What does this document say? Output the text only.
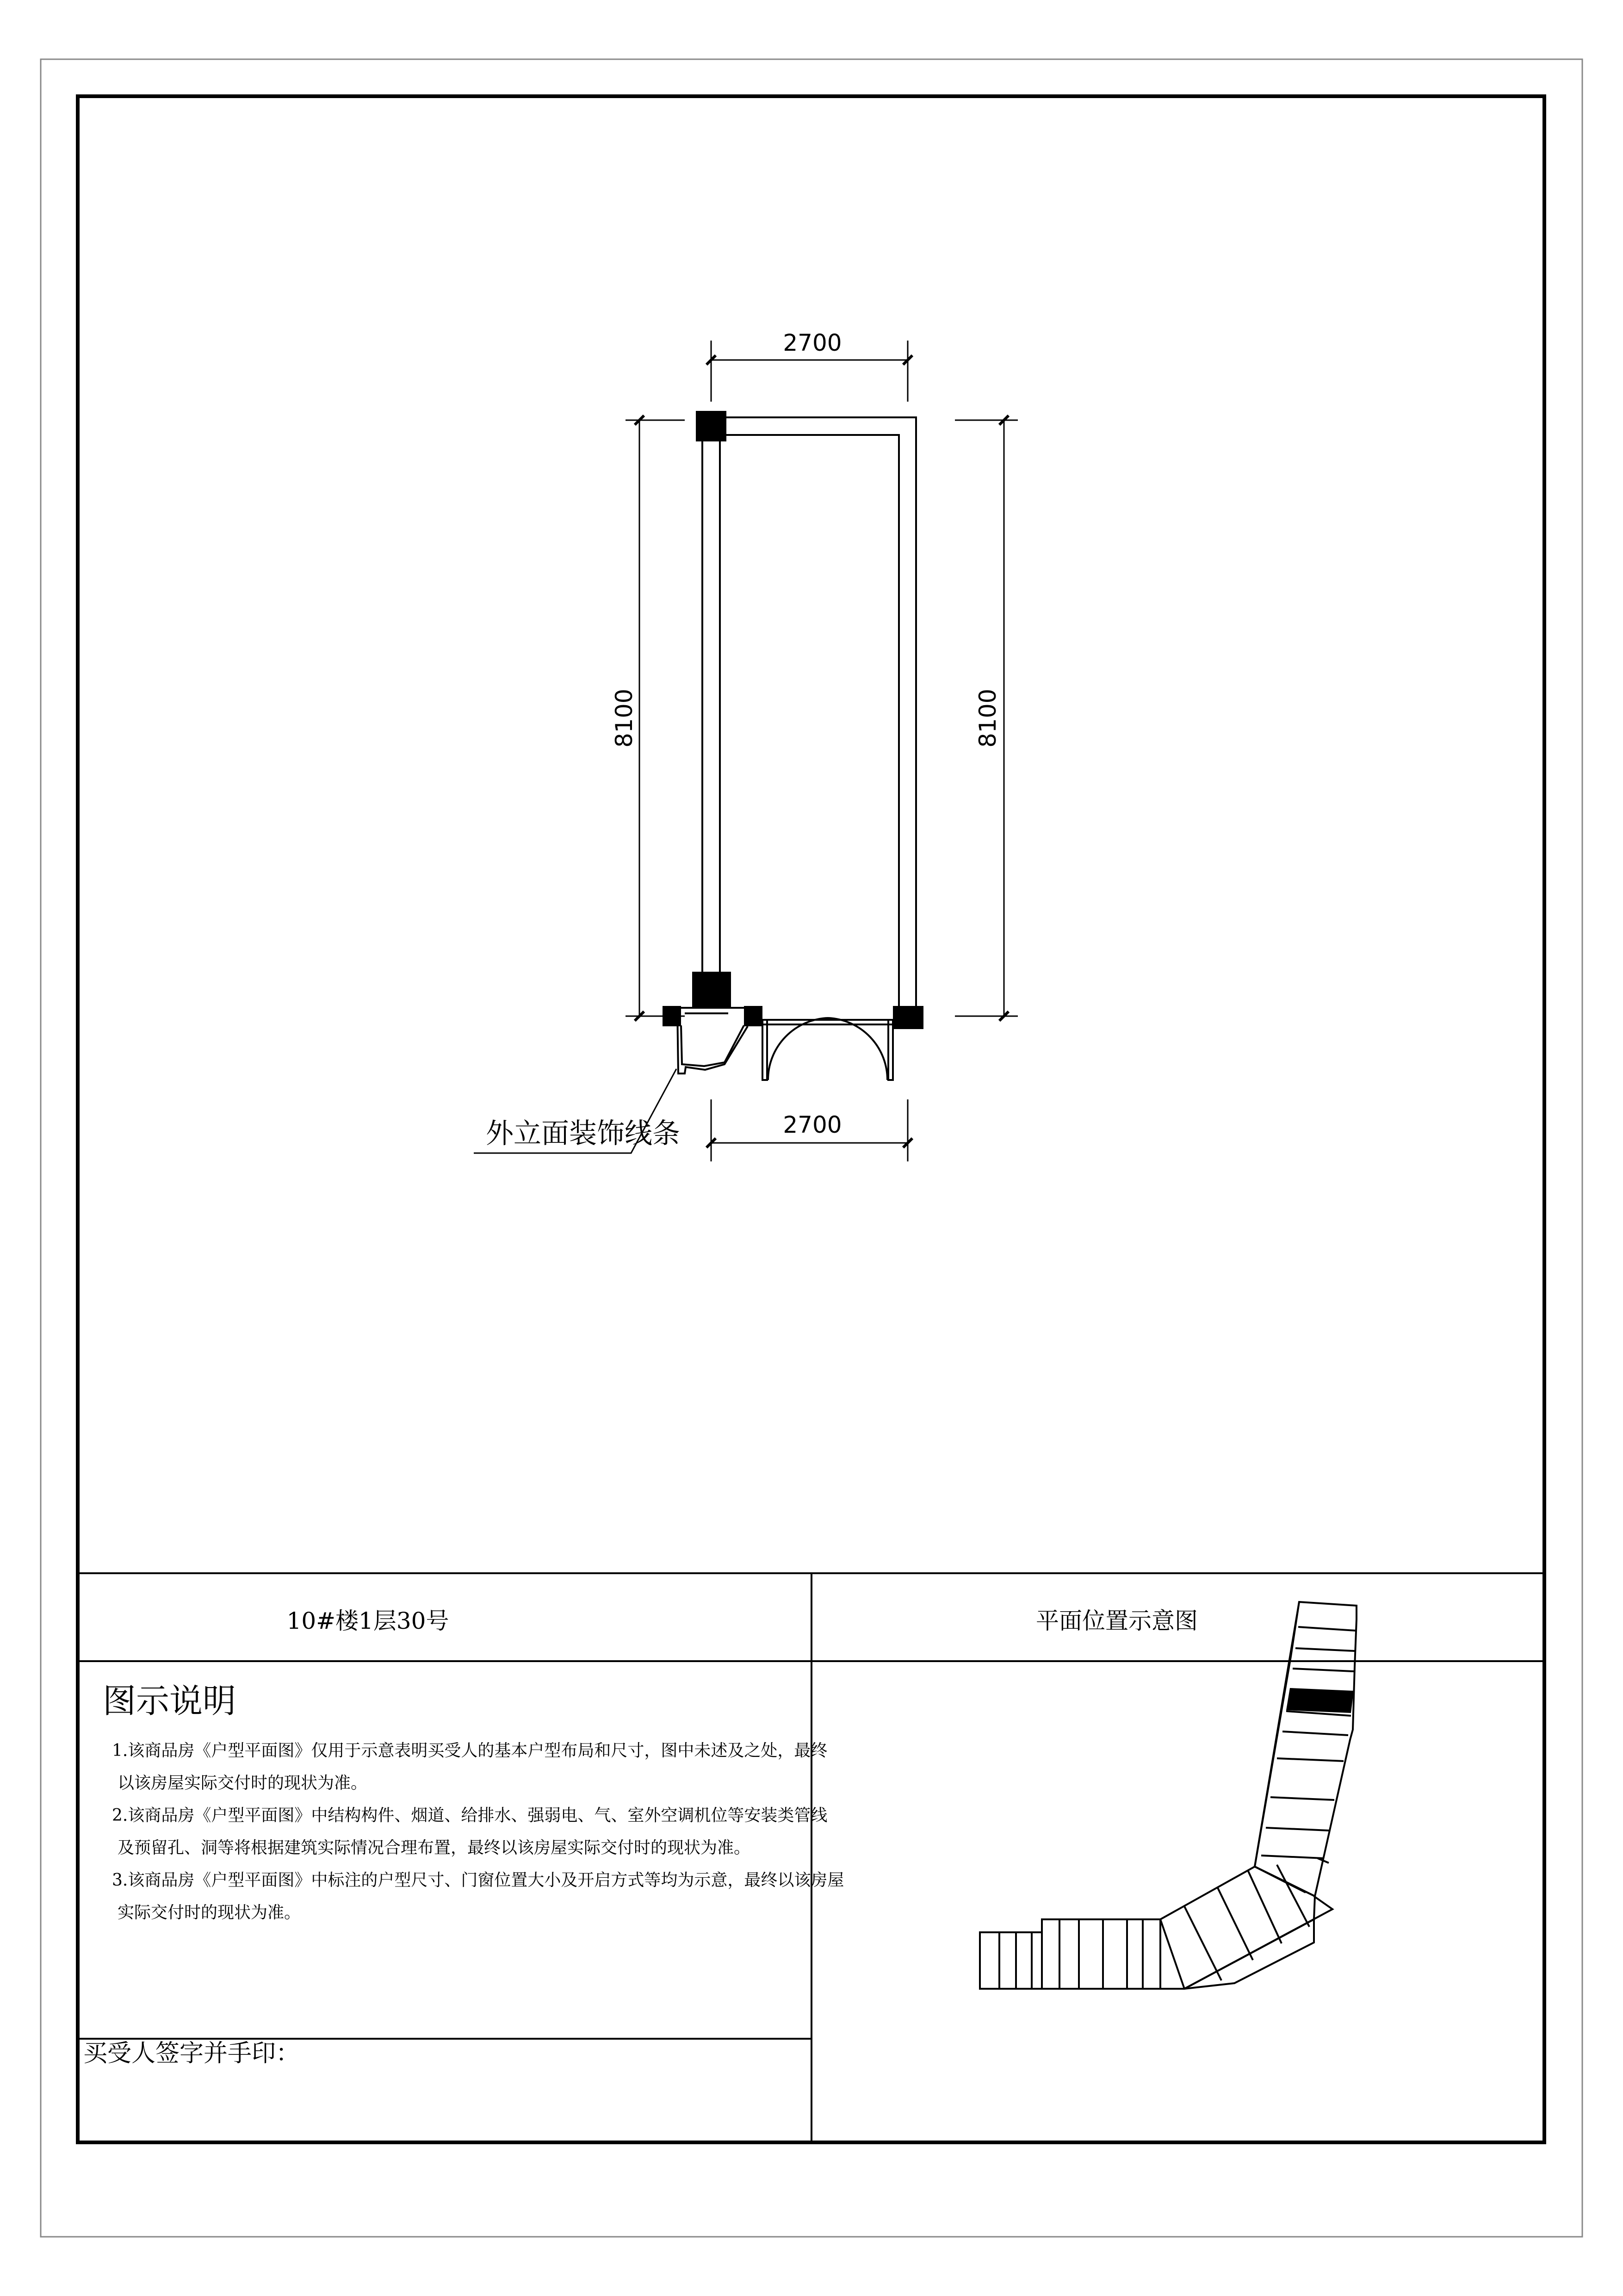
2700
2700
8100	8100
外立面装饰线条
10#楼1层30号	平面位置示意图
图示说明
1.该商品房《户型平面图》仅用于示意表明买受人的基本户型布局和尺寸，图中未述及之处，最终
以该房屋实际交付时的现状为准。
2.该商品房《户型平面图》中结构构件、烟道、给排水、强弱电、气、室外空调机位等安装类管线
及预留孔、洞等将根据建筑实际情况合理布置，最终以该房屋实际交付时的现状为准。
3.该商品房《户型平面图》中标注的户型尺寸、门窗位置大小及开启方式等均为示意，最终以该房屋
实际交付时的现状为准。
买受人签字并手印：
